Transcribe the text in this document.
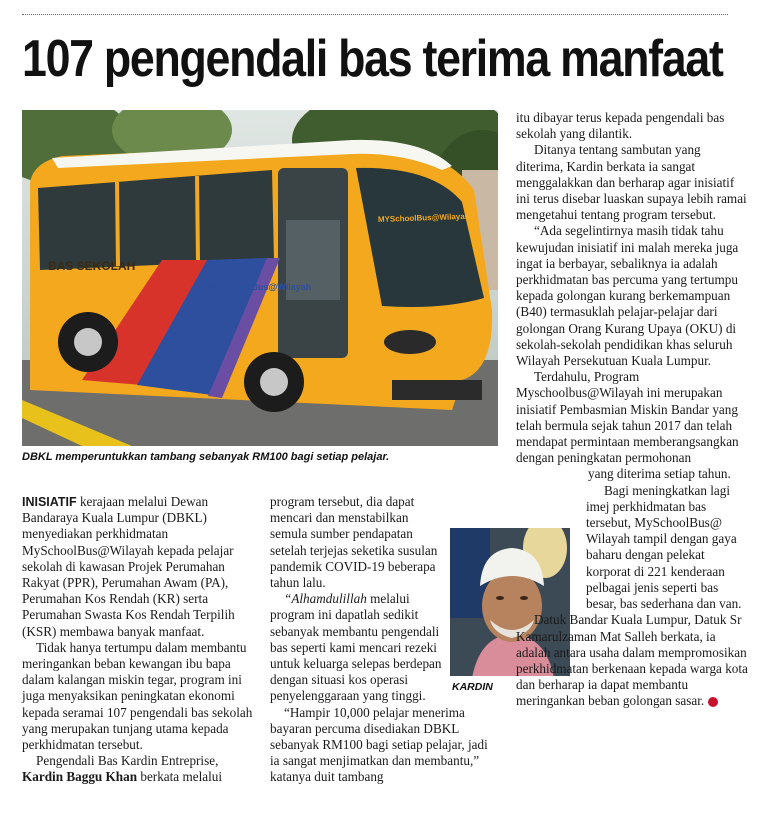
107 pengendali bas terima manfaat
BAS SEKOLAH
MYSchoolBus@Wilayah
MYSchoolBus@Wilayah
DBKL memperuntukkan tambang sebanyak RM100 bagi setiap pelajar.

INISIATIF kerajaan melalui Dewan Bandaraya Kuala Lumpur (DBKL) menyediakan perkhidmatan MySchoolBus@Wilayah kepada pelajar sekolah di kawasan Projek Perumahan Rakyat (PPR), Perumahan Awam (PA), Perumahan Kos Rendah (KR) serta Perumahan Swasta Kos Rendah Terpilih (KSR) membawa banyak manfaat.

Tidak hanya tertumpu dalam membantu meringankan beban kewangan ibu bapa dalam kalangan miskin tegar, program ini juga menyaksikan peningkatan ekonomi kepada seramai 107 pengendali bas sekolah yang merupakan tunjang utama kepada perkhidmatan tersebut.

Pengendali Bas Kardin Entreprise, Kardin Baggu Khan berkata melalui

program tersebut, dia dapat mencari dan menstabilkan semula sumber pendapatan setelah terjejas seketika susulan pandemik COVID-19 beberapa tahun lalu.

“Alhamdulillah melalui program ini dapatlah sedikit sebanyak membantu pengendali bas seperti kami mencari rezeki untuk keluarga selepas berdepan dengan situasi kos operasi penyelenggaraan yang tinggi.

“Hampir 10,000 pelajar menerima bayaran percuma disediakan DBKL sebanyak RM100 bagi setiap pelajar, jadi ia sangat menjimatkan dan membantu,” katanya duit tambang

KARDIN

itu dibayar terus kepada pengendali bas sekolah yang dilantik.

Ditanya tentang sambutan yang diterima, Kardin berkata ia sangat menggalakkan dan berharap agar inisiatif ini terus disebar luaskan supaya lebih ramai mengetahui tentang program tersebut.

“Ada segelintirnya masih tidak tahu kewujudan inisiatif ini malah mereka juga ingat ia berbayar, sebaliknya ia adalah perkhidmatan bas percuma yang tertumpu kepada golongan kurang berkemampuan (B40) termasuklah pelajar-pelajar dari golongan Orang Kurang Upaya (OKU) di sekolah-sekolah pendidikan khas seluruh Wilayah Persekutuan Kuala Lumpur.

Terdahulu, Program Myschoolbus@Wilayah ini merupakan inisiatif Pembasmian Miskin Bandar yang telah bermula sejak tahun 2017 dan telah mendapat permintaan memberangsangkan dengan peningkatan permohonan

yang diterima setiap tahun.

Bagi meningkatkan lagi imej perkhidmatan bas tersebut, MySchoolBus@ Wilayah tampil dengan gaya baharu dengan pelekat korporat di 221 kenderaan pelbagai jenis seperti bas besar, bas sederhana dan van.

Datuk Bandar Kuala Lumpur, Datuk Sr Kamarulzaman Mat Salleh berkata, ia adalah antara usaha dalam mempromosikan perkhidmatan berkenaan kepada warga kota dan berharap ia dapat membantu meringankan beban golongan sasar.	M
